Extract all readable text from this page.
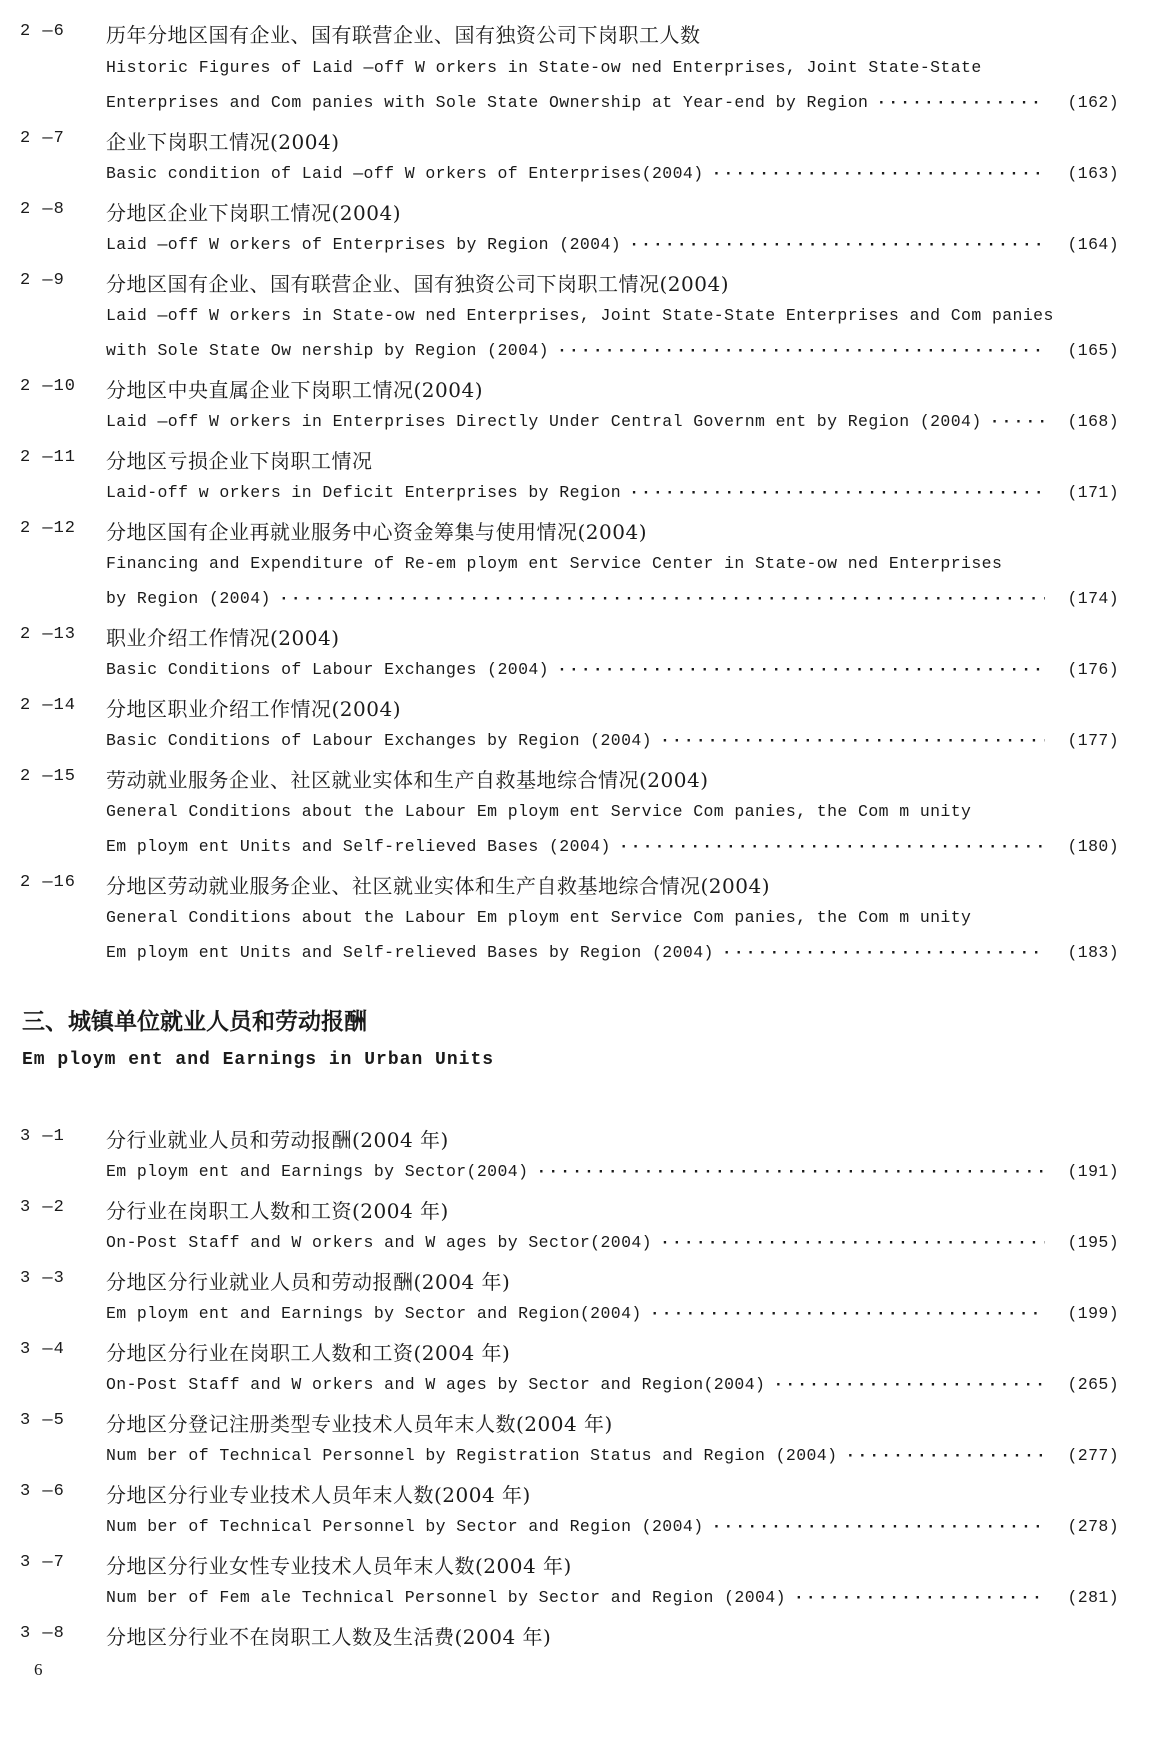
2 —6	历年分地区国有企业、国有联营企业、国有独资公司下岗职工人数
Historic Figures of Laid —off W orkers in State-ow ned Enterprises, Joint State-State
Enterprises and Com panies with Sole State Ownership at Year-end by Region ·····	(162)
2 —7	企业下岗职工情况(2004)
Basic condition of Laid —off W orkers of Enterprises(2004) ·····	(163)
2 —8	分地区企业下岗职工情况(2004)
Laid —off W orkers of Enterprises by Region (2004) ·····	(164)
2 —9	分地区国有企业、国有联营企业、国有独资公司下岗职工情况(2004)
Laid —off W orkers in State-ow ned Enterprises, Joint State-State Enterprises and Com panies
with Sole State Ow nership by Region (2004) ·····	(165)
2 —10	分地区中央直属企业下岗职工情况(2004)
Laid —off W orkers in Enterprises Directly Under Central Governm ent by Region (2004) ·····	(168)
2 —11	分地区亏损企业下岗职工情况
Laid-off w orkers in Deficit Enterprises by Region ·····	(171)
2 —12	分地区国有企业再就业服务中心资金筹集与使用情况(2004)
Financing and Expenditure of Re-em ploym ent Service Center in State-ow ned Enterprises
by Region (2004) ·····	(174)
2 —13	职业介绍工作情况(2004)
Basic Conditions of Labour Exchanges (2004) ·····	(176)
2 —14	分地区职业介绍工作情况(2004)
Basic Conditions of Labour Exchanges by Region (2004) ·····	(177)
2 —15	劳动就业服务企业、社区就业实体和生产自救基地综合情况(2004)
General Conditions about the Labour Em ploym ent Service Com panies, the Com m unity
Em ploym ent Units and Self-relieved Bases (2004) ·····	(180)
2 —16	分地区劳动就业服务企业、社区就业实体和生产自救基地综合情况(2004)
General Conditions about the Labour Em ploym ent Service Com panies, the Com m unity
Em ploym ent Units and Self-relieved Bases by Region (2004) ·····	(183)
三、城镇单位就业人员和劳动报酬
Em ploym ent and Earnings in Urban Units
3 —1	分行业就业人员和劳动报酬(2004 年)
Em ploym ent and Earnings by Sector(2004) ·····	(191)
3 —2	分行业在岗职工人数和工资(2004 年)
On-Post Staff and W orkers and W ages by Sector(2004) ·····	(195)
3 —3	分地区分行业就业人员和劳动报酬(2004 年)
Em ploym ent and Earnings by Sector and Region(2004) ·····	(199)
3 —4	分地区分行业在岗职工人数和工资(2004 年)
On-Post Staff and W orkers and W ages by Sector and Region(2004) ·····	(265)
3 —5	分地区分登记注册类型专业技术人员年末人数(2004 年)
Num ber of Technical Personnel by Registration Status and Region (2004) ·····	(277)
3 —6	分地区分行业专业技术人员年末人数(2004 年)
Num ber of Technical Personnel by Sector and Region (2004) ·····	(278)
3 —7	分地区分行业女性专业技术人员年末人数(2004 年)
Num ber of Fem ale Technical Personnel by Sector and Region (2004) ·····	(281)
3 —8	分地区分行业不在岗职工人数及生活费(2004 年)
6
